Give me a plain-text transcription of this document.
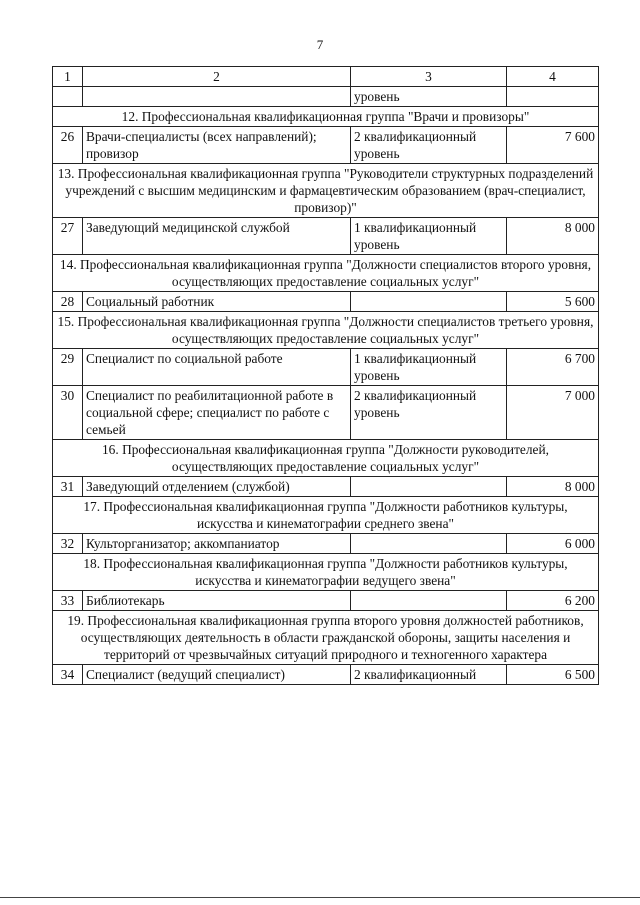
7
1	2	3	4
		уровень	
12. Профессиональная квалификационная группа "Врачи и провизоры"			
26	Врачи-специалисты (всех направлений); провизор	2 квалификационный уровень	7 600
13. Профессиональная квалификационная группа "Руководители структурных подразделений учреждений с высшим медицинским и фармацевтическим образованием (врач-специалист, провизор)"			
27	Заведующий медицинской службой	1 квалификационный уровень	8 000
14. Профессиональная квалификационная группа "Должности специалистов второго уровня, осуществляющих предоставление социальных услуг"			
28	Социальный работник		5 600
15. Профессиональная квалификационная группа "Должности специалистов третьего уровня, осуществляющих предоставление социальных услуг"			
29	Специалист по социальной работе	1 квалификационный уровень	6 700
30	Специалист по реабилитационной работе в социальной сфере; специалист по работе с семьей	2 квалификационный уровень	7 000
16. Профессиональная квалификационная группа "Должности руководителей, осуществляющих предоставление социальных услуг"			
31	Заведующий отделением (службой)		8 000
17. Профессиональная квалификационная группа "Должности работников культуры, искусства и кинематографии среднего звена"			
32	Культорганизатор; аккомпаниатор		6 000
18. Профессиональная квалификационная группа "Должности работников культуры, искусства и кинематографии ведущего звена"			
33	Библиотекарь		6 200
19. Профессиональная квалификационная группа второго уровня должностей работников, осуществляющих деятельность в области гражданской обороны, защиты населения и территорий от чрезвычайных ситуаций природного и техногенного характера			
34	Специалист (ведущий специалист)	2 квалификационный	6 500
